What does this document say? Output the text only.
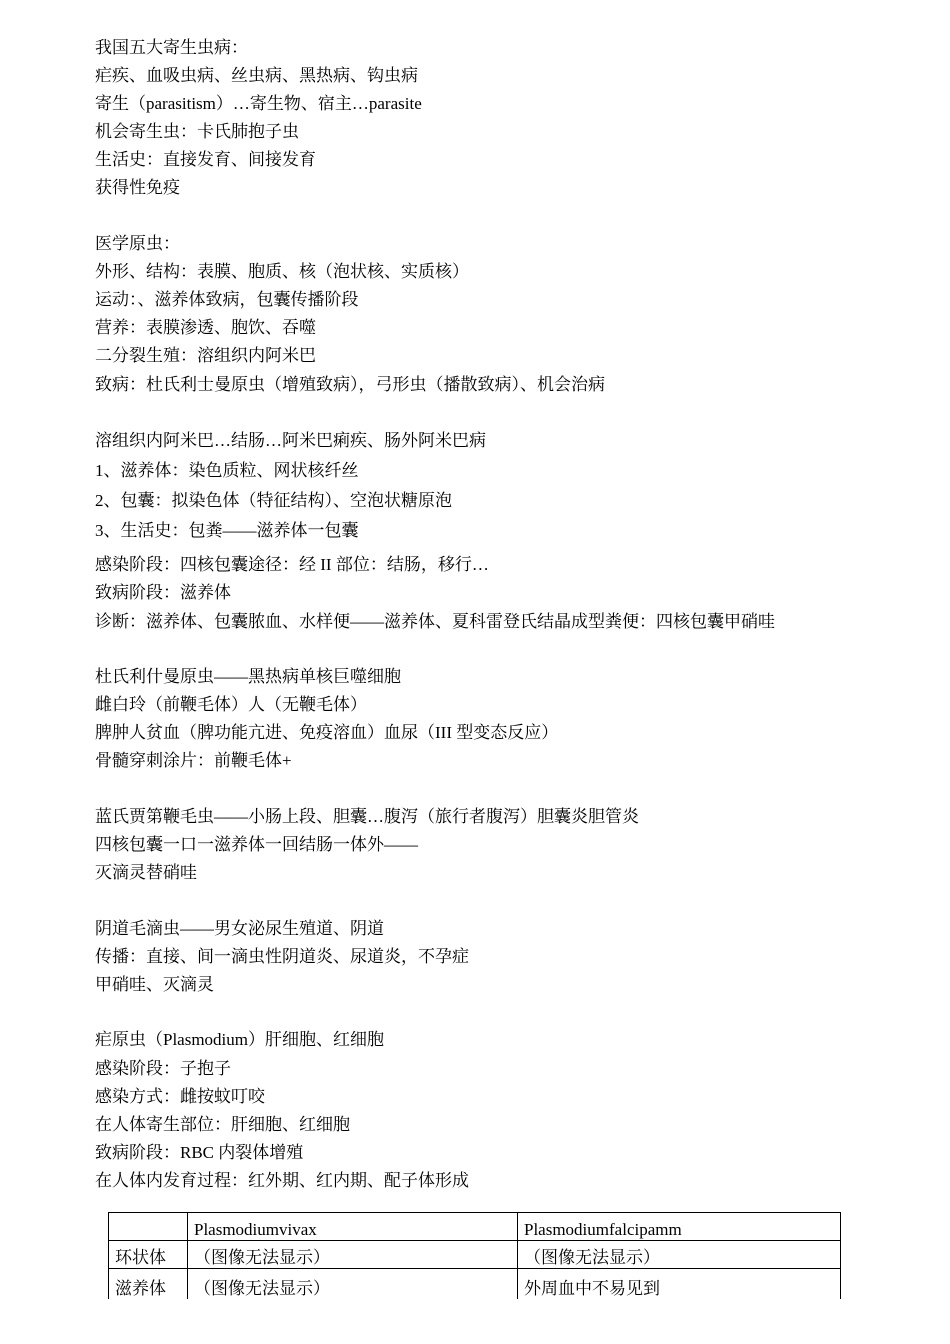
我国五大寄生虫病：
疟疾、血吸虫病、丝虫病、黑热病、钩虫病
寄生（parasitism）…寄生物、宿主…parasite
机会寄生虫：卡氏肺抱子虫
生活史：直接发育、间接发育
获得性免疫
医学原虫：
外形、结构：表膜、胞质、核（泡状核、实质核）
运动：、滋养体致病，包囊传播阶段
营养：表膜渗透、胞饮、吞噬
二分裂生殖：溶组织内阿米巴
致病：杜氏利士曼原虫（增殖致病），弓形虫（播散致病）、机会治病
溶组织内阿米巴…结肠…阿米巴痢疾、肠外阿米巴病
1、滋养体：染色质粒、网状核纤丝
2、包囊：拟染色体（特征结构）、空泡状糖原泡
3、生活史：包粪——滋养体一包囊
感染阶段：四核包囊途径：经 II 部位：结肠，移行…
致病阶段：滋养体
诊断：滋养体、包囊脓血、水样便——滋养体、夏科雷登氏结晶成型粪便：四核包囊甲硝哇
杜氏利什曼原虫——黑热病单核巨噬细胞
雌白玲（前鞭毛体）人（无鞭毛体）
脾肿人贫血（脾功能亢进、免疫溶血）血尿（III 型变态反应）
骨髓穿刺涂片：前鞭毛体+
蓝氏贾第鞭毛虫——小肠上段、胆囊…腹泻（旅行者腹泻）胆囊炎胆管炎
四核包囊一口一滋养体一回结肠一体外——
灭滴灵替硝哇
阴道毛滴虫——男女泌尿生殖道、阴道
传播：直接、间一滴虫性阴道炎、尿道炎，不孕症
甲硝哇、灭滴灵
疟原虫（Plasmodium）肝细胞、红细胞
感染阶段：子抱子
感染方式：雌按蚊叮咬
在人体寄生部位：肝细胞、红细胞
致病阶段：RBC 内裂体增殖
在人体内发育过程：红外期、红内期、配子体形成
	Plasmodiumvivax	Plasmodiumfalcipamm
环状体	（图像无法显示）	（图像无法显示）
滋养体	（图像无法显示）	外周血中不易见到
